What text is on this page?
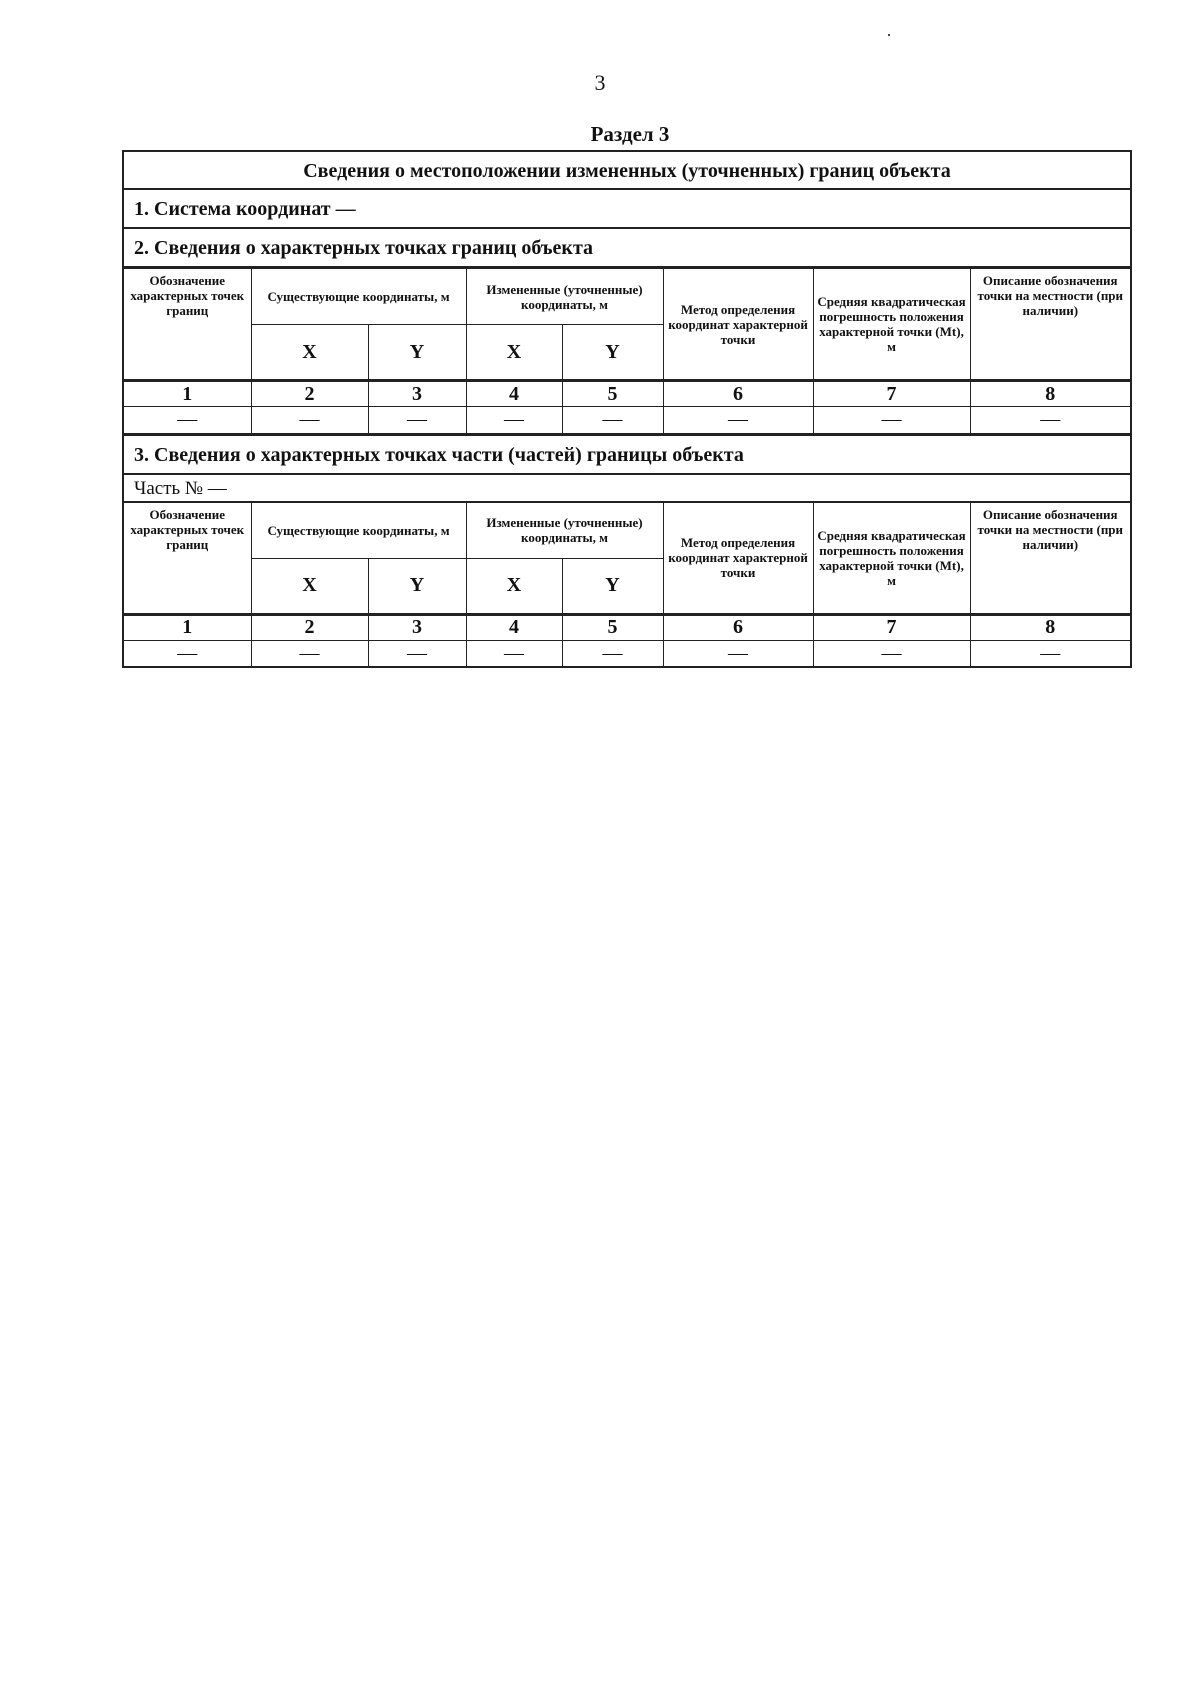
3
Раздел 3
Сведения о местоположении измененных (уточненных) границ объекта
1. Система координат —
2. Сведения о характерных точках границ объекта
Обозначение характерных точек границ	Существующие координаты, м		Измененные (уточненные) координаты, м		Метод определения координат характерной точки	Средняя квадратическая погрешность положения характерной точки (Mt), м	Описание обозначения точки на местности (при наличии)
	X	Y	X	Y			
1	2	3	4	5	6	7	8
—	—	—	—	—	—	—	—
3. Сведения о характерных точках части (частей) границы объекта
Часть № —
Обозначение характерных точек границ	Существующие координаты, м		Измененные (уточненные) координаты, м		Метод определения координат характерной точки	Средняя квадратическая погрешность положения характерной точки (Mt), м	Описание обозначения точки на местности (при наличии)
	X	Y	X	Y			
1	2	3	4	5	6	7	8
—	—	—	—	—	—	—	—
